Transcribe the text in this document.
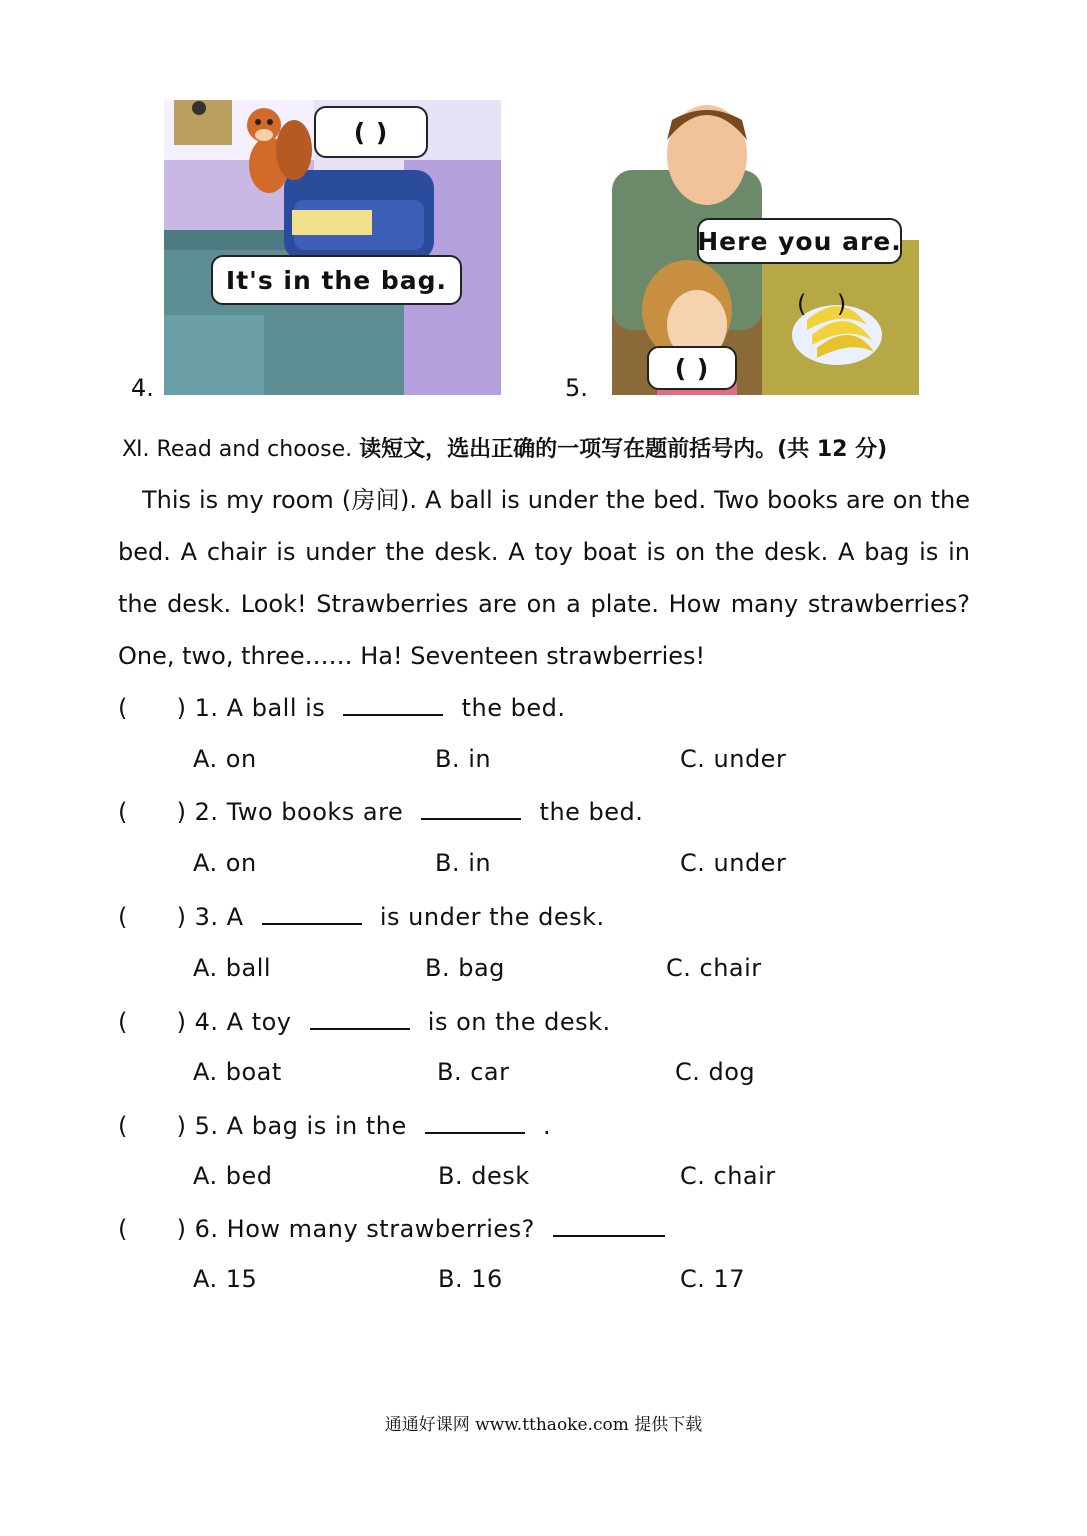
4.
( )
It's in the bag.
5.
Here you are.
(    )
( )
Ⅺ. Read and choose. 读短文，选出正确的一项写在题前括号内。(共 12 分)
This is my room (房间). A ball is under the bed. Two books are on the bed. A chair is under the desk. A toy boat is on the desk. A bag is in the desk. Look! Strawberries are on a plate. How many strawberries? One, two, three…… Ha! Seventeen strawberries!
(      ) 1. A ball is	the bed.
A. on	B. in	C. under
(      ) 2. Two books are	the bed.
A. on	B. in	C. under
(      ) 3. A	is under the desk.
A. ball	B. bag	C. chair
(      ) 4. A toy	is on the desk.
A. boat	B. car	C. dog
(      ) 5. A bag is in the	.
A. bed	B. desk	C. chair
(      ) 6. How many strawberries?
A. 15	B. 16	C. 17
通通好课网 www.tthaoke.com 提供下载
